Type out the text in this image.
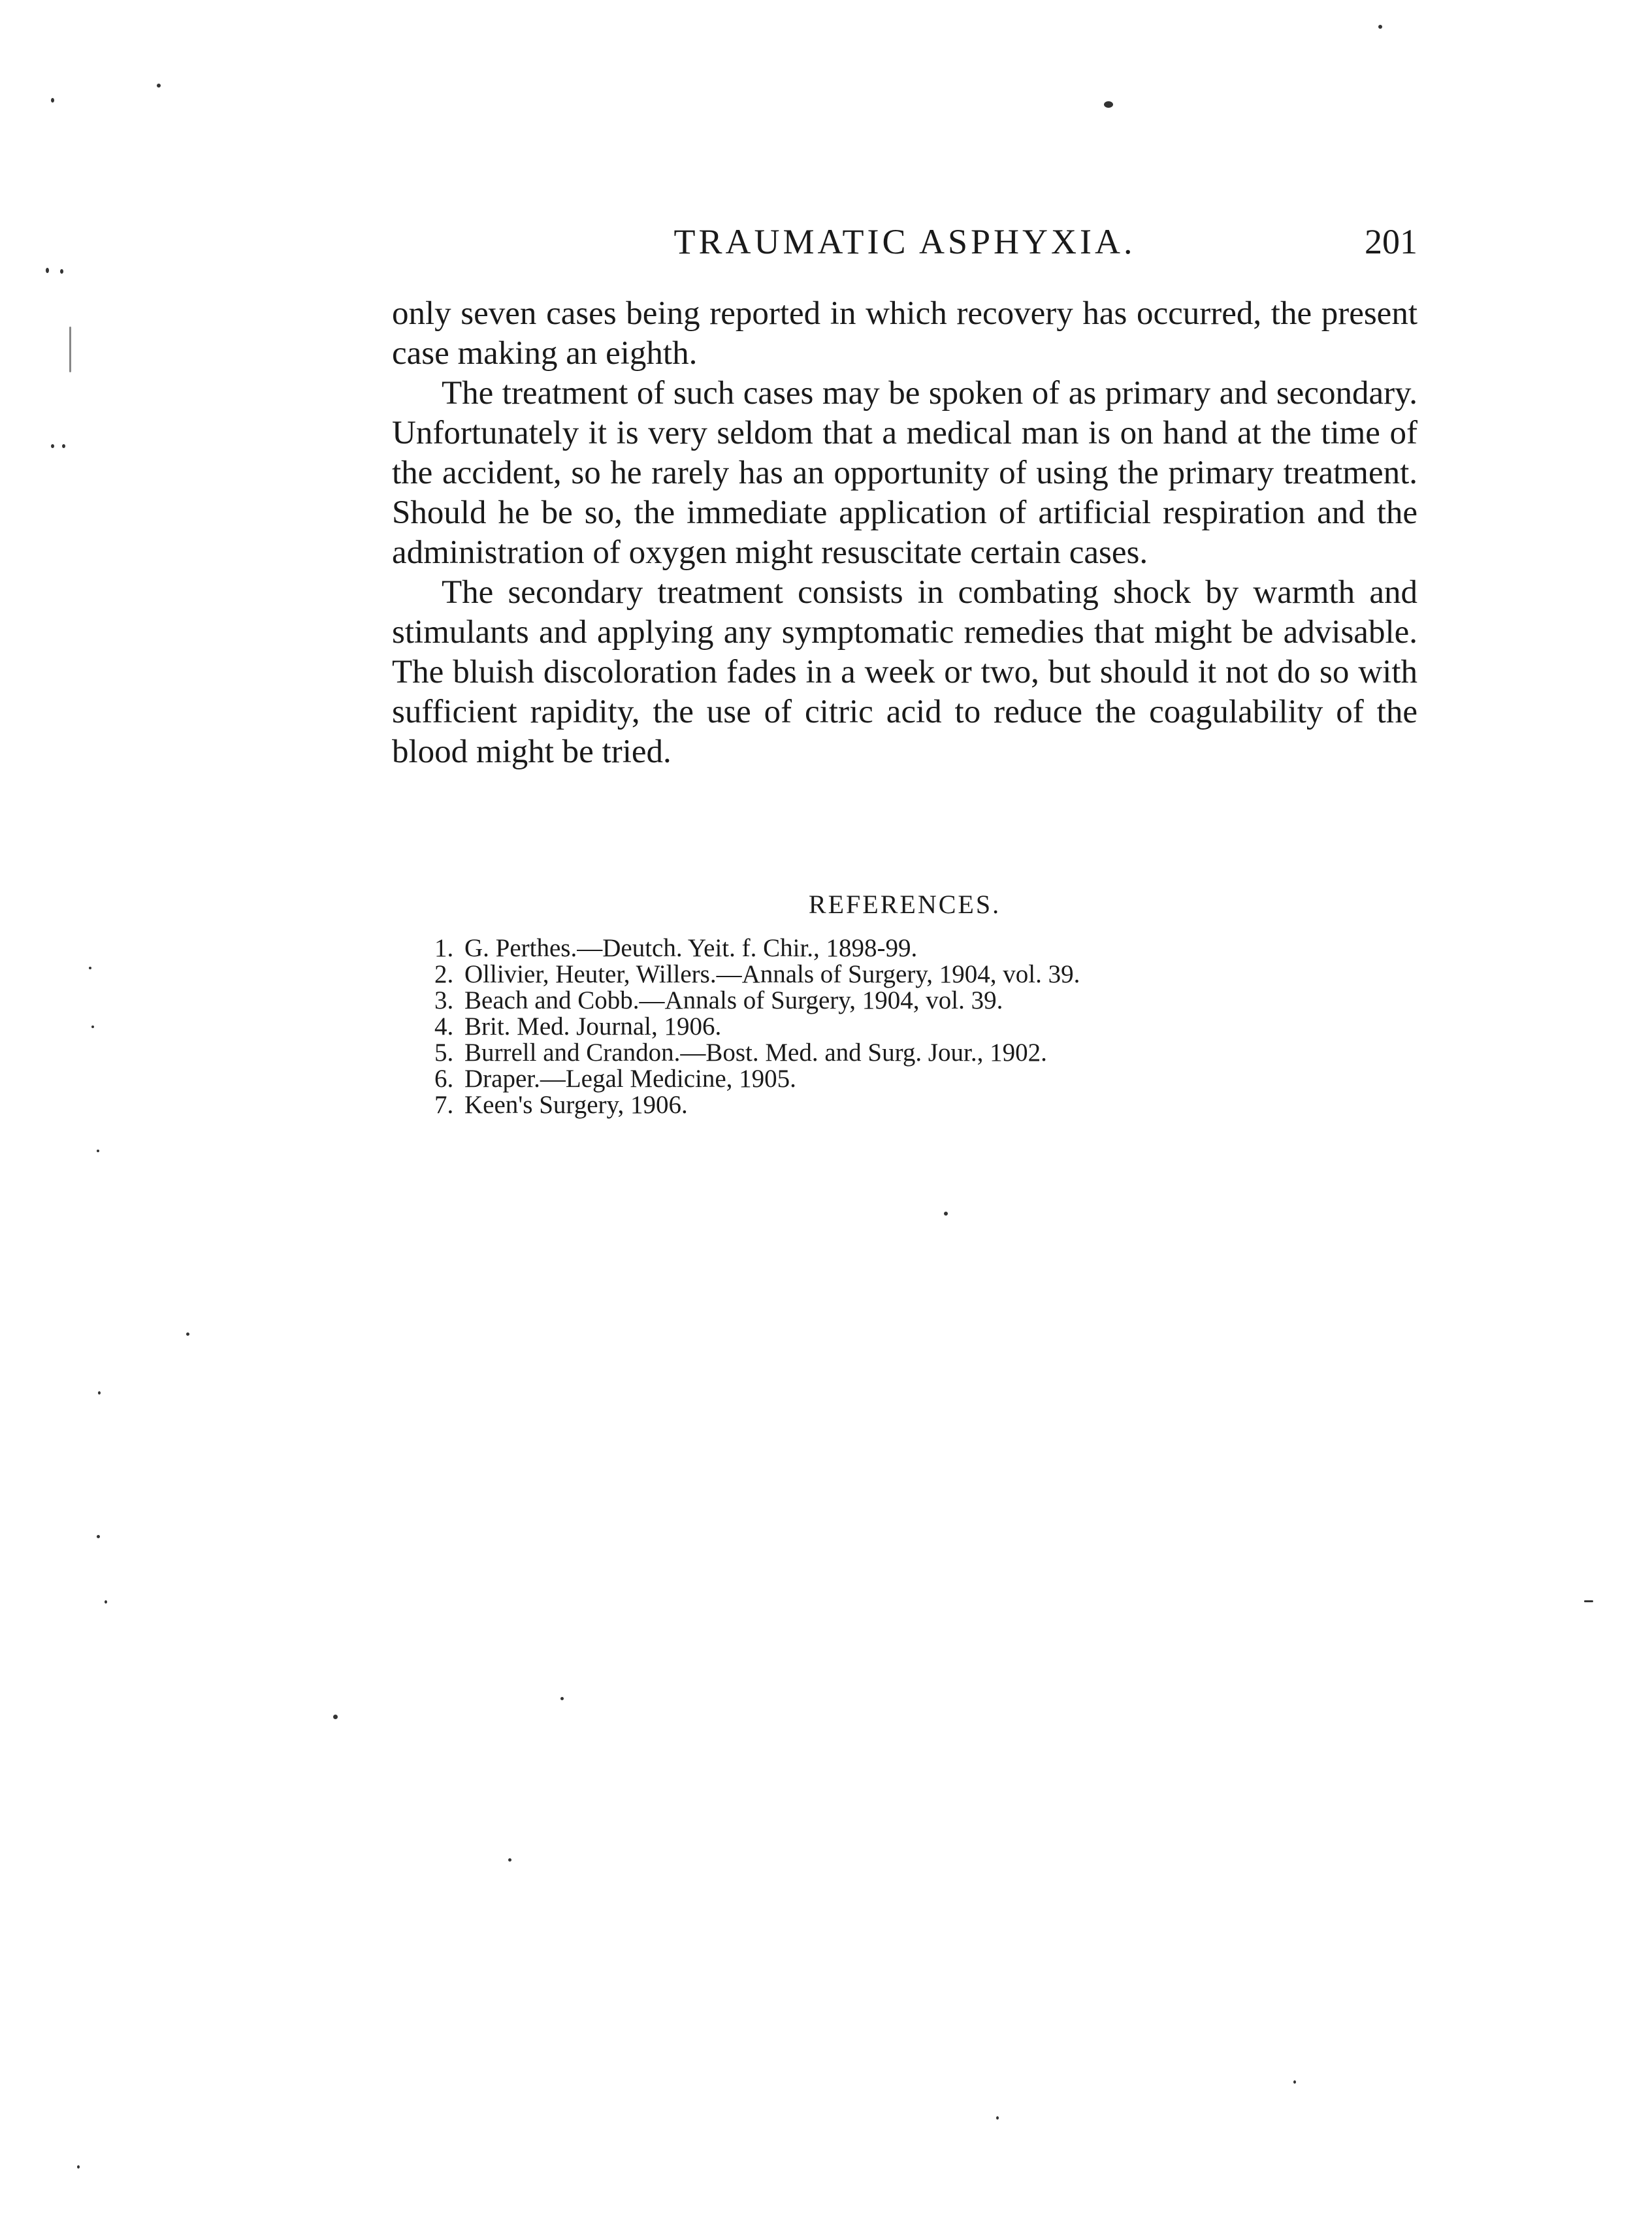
TRAUMATIC ASPHYXIA.	201

only seven cases being reported in which recovery has occurred, the present case making an eighth.

The treatment of such cases may be spoken of as primary and secondary. Unfortunately it is very seldom that a medical man is on hand at the time of the accident, so he rarely has an opportunity of using the primary treatment. Should he be so, the immediate application of artificial respiration and the administration of oxygen might resuscitate certain cases.

The secondary treatment consists in combating shock by warmth and stimulants and applying any symptomatic remedies that might be advisable. The bluish discoloration fades in a week or two, but should it not do so with sufficient rapidity, the use of citric acid to reduce the coagulability of the blood might be tried.

REFERENCES.
1. G. Perthes.—Deutch. Yeit. f. Chir., 1898-99.
2. Ollivier, Heuter, Willers.—Annals of Surgery, 1904, vol. 39.
3. Beach and Cobb.—Annals of Surgery, 1904, vol. 39.
4. Brit. Med. Journal, 1906.
5. Burrell and Crandon.—Bost. Med. and Surg. Jour., 1902.
6. Draper.—Legal Medicine, 1905.
7. Keen's Surgery, 1906.
